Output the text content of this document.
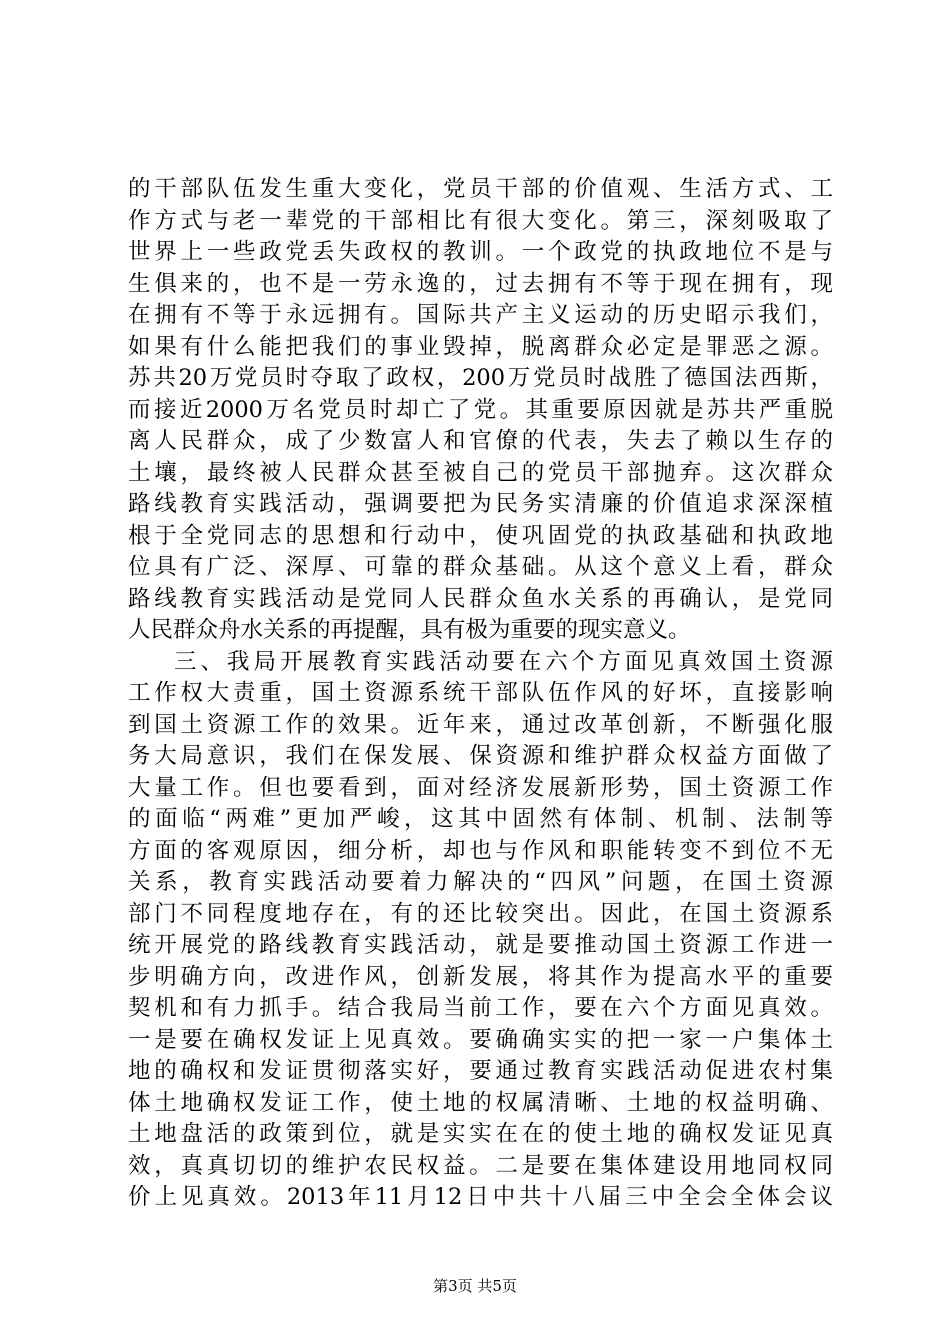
的干部队伍发生重大变化，党员干部的价值观、生活方式、工
作方式与老一辈党的干部相比有很大变化。第三，深刻吸取了
世界上一些政党丢失政权的教训。一个政党的执政地位不是与
生俱来的，也不是一劳永逸的，过去拥有不等于现在拥有，现
在拥有不等于永远拥有。国际共产主义运动的历史昭示我们，
如果有什么能把我们的事业毁掉，脱离群众必定是罪恶之源。
苏共20万党员时夺取了政权，200万党员时战胜了德国法西斯，
而接近2000万名党员时却亡了党。其重要原因就是苏共严重脱
离人民群众，成了少数富人和官僚的代表，失去了赖以生存的
土壤，最终被人民群众甚至被自己的党员干部抛弃。这次群众
路线教育实践活动，强调要把为民务实清廉的价值追求深深植
根于全党同志的思想和行动中，使巩固党的执政基础和执政地
位具有广泛、深厚、可靠的群众基础。从这个意义上看，群众
路线教育实践活动是党同人民群众鱼水关系的再确认，是党同
人民群众舟水关系的再提醒，具有极为重要的现实意义。
三、我局开展教育实践活动要在六个方面见真效国土资源
工作权大责重，国土资源系统干部队伍作风的好坏，直接影响
到国土资源工作的效果。近年来，通过改革创新，不断强化服
务大局意识，我们在保发展、保资源和维护群众权益方面做了
大量工作。但也要看到，面对经济发展新形势，国土资源工作
的面临“两难”更加严峻，这其中固然有体制、机制、法制等
方面的客观原因，细分析，却也与作风和职能转变不到位不无
关系，教育实践活动要着力解决的“四风”问题，在国土资源
部门不同程度地存在，有的还比较突出。因此，在国土资源系
统开展党的路线教育实践活动，就是要推动国土资源工作进一
步明确方向，改进作风，创新发展，将其作为提高水平的重要
契机和有力抓手。结合我局当前工作，要在六个方面见真效。
一是要在确权发证上见真效。要确确实实的把一家一户集体土
地的确权和发证贯彻落实好，要通过教育实践活动促进农村集
体土地确权发证工作，使土地的权属清晰、土地的权益明确、
土地盘活的政策到位，就是实实在在的使土地的确权发证见真
效，真真切切的维护农民权益。二是要在集体建设用地同权同
价上见真效。2013年11月12日中共十八届三中全会全体会议
第3页 共5页
